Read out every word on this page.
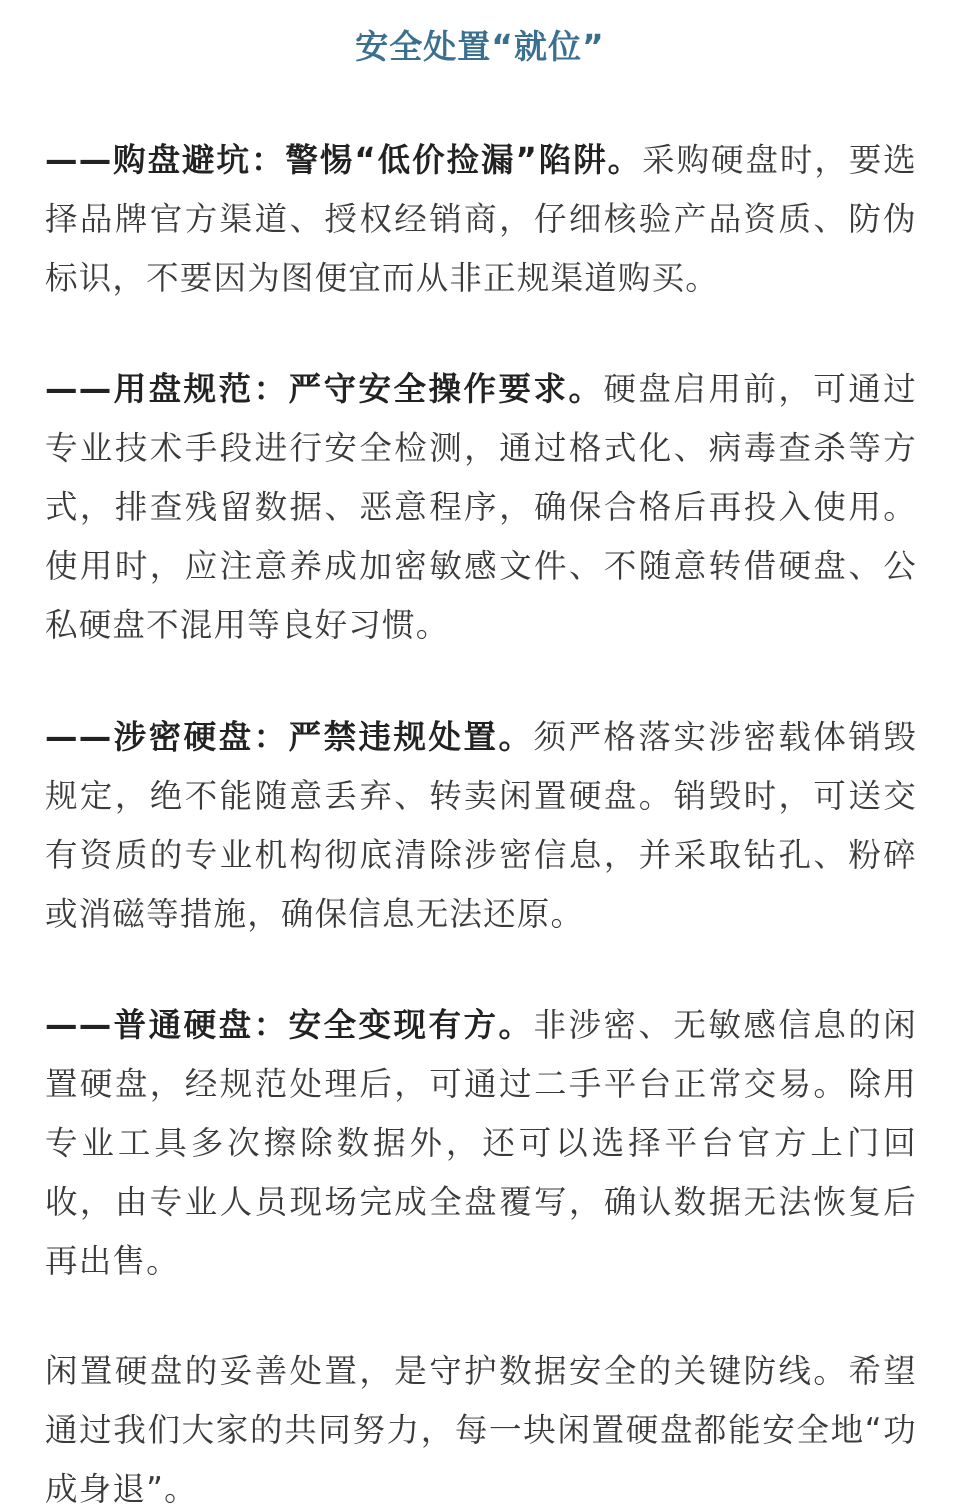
安全处置“就位”

——购盘避坑：警惕“低价捡漏”陷阱。采购硬盘时，要选择品牌官方渠道、授权经销商，仔细核验产品资质、防伪标识，不要因为图便宜而从非正规渠道购买。

——用盘规范：严守安全操作要求。硬盘启用前，可通过专业技术手段进行安全检测，通过格式化、病毒查杀等方式，排查残留数据、恶意程序，确保合格后再投入使用。使用时，应注意养成加密敏感文件、不随意转借硬盘、公私硬盘不混用等良好习惯。

——涉密硬盘：严禁违规处置。须严格落实涉密载体销毁规定，绝不能随意丢弃、转卖闲置硬盘。销毁时，可送交有资质的专业机构彻底清除涉密信息，并采取钻孔、粉碎或消磁等措施，确保信息无法还原。

——普通硬盘：安全变现有方。非涉密、无敏感信息的闲置硬盘，经规范处理后，可通过二手平台正常交易。除用专业工具多次擦除数据外，还可以选择平台官方上门回收，由专业人员现场完成全盘覆写，确认数据无法恢复后再出售。

闲置硬盘的妥善处置，是守护数据安全的关键防线。希望通过我们大家的共同努力，每一块闲置硬盘都能安全地“功成身退”。
